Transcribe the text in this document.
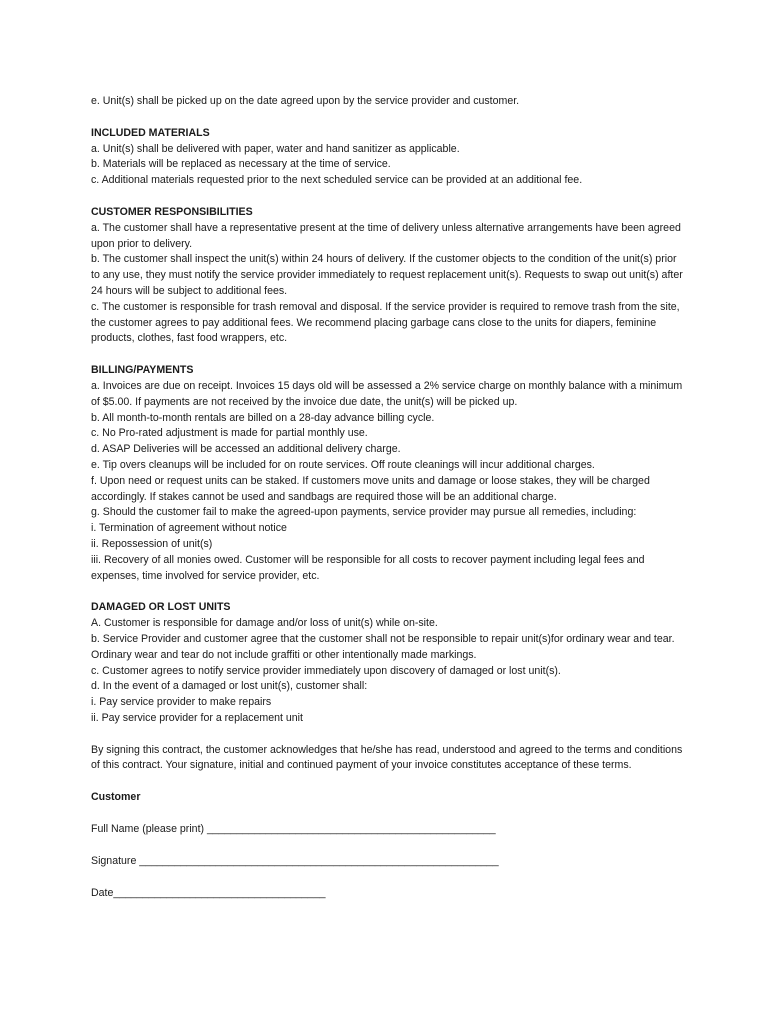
e. Unit(s) shall be picked up on the date agreed upon by the service provider and customer.

INCLUDED MATERIALS

a. Unit(s) shall be delivered with paper, water and hand sanitizer as applicable.

b. Materials will be replaced as necessary at the time of service.

c. Additional materials requested prior to the next scheduled service can be provided at an additional fee.

CUSTOMER RESPONSIBILITIES

a. The customer shall have a representative present at the time of delivery unless alternative arrangements have been agreed upon prior to delivery.

b. The customer shall inspect the unit(s) within 24 hours of delivery. If the customer objects to the condition of the unit(s) prior to any use, they must notify the service provider immediately to request replacement unit(s). Requests to swap out unit(s) after 24 hours will be subject to additional fees.

c. The customer is responsible for trash removal and disposal. If the service provider is required to remove trash from the site, the customer agrees to pay additional fees. We recommend placing garbage cans close to the units for diapers, feminine products, clothes, fast food wrappers, etc.

BILLING/PAYMENTS

a. Invoices are due on receipt. Invoices 15 days old will be assessed a 2% service charge on monthly balance with a minimum of $5.00. If payments are not received by the invoice due date, the unit(s) will be picked up.

b. All month-to-month rentals are billed on a 28-day advance billing cycle.

c. No Pro-rated adjustment is made for partial monthly use.

d. ASAP Deliveries will be accessed an additional delivery charge.

e. Tip overs cleanups will be included for on route services. Off route cleanings will incur additional charges.

f. Upon need or request units can be staked. If customers move units and damage or loose stakes, they will be charged accordingly. If stakes cannot be used and sandbags are required those will be an additional charge.

g. Should the customer fail to make the agreed-upon payments, service provider may pursue all remedies, including:

i. Termination of agreement without notice

ii. Repossession of unit(s)

iii. Recovery of all monies owed. Customer will be responsible for all costs to recover payment including legal fees and expenses, time involved for service provider, etc.

DAMAGED OR LOST UNITS

A. Customer is responsible for damage and/or loss of unit(s) while on-site.

b. Service Provider and customer agree that the customer shall not be responsible to repair unit(s)for ordinary wear and tear. Ordinary wear and tear do not include graffiti or other intentionally made markings.

c. Customer agrees to notify service provider immediately upon discovery of damaged or lost unit(s).

d. In the event of a damaged or lost unit(s), customer shall:

i. Pay service provider to make repairs

ii. Pay service provider for a replacement unit

By signing this contract, the customer acknowledges that he/she has read, understood and agreed to the terms and conditions of this contract. Your signature, initial and continued payment of your invoice constitutes acceptance of these terms.

Customer

Full Name (please print) _________________________________________________

Signature _____________________________________________________________

Date____________________________________
